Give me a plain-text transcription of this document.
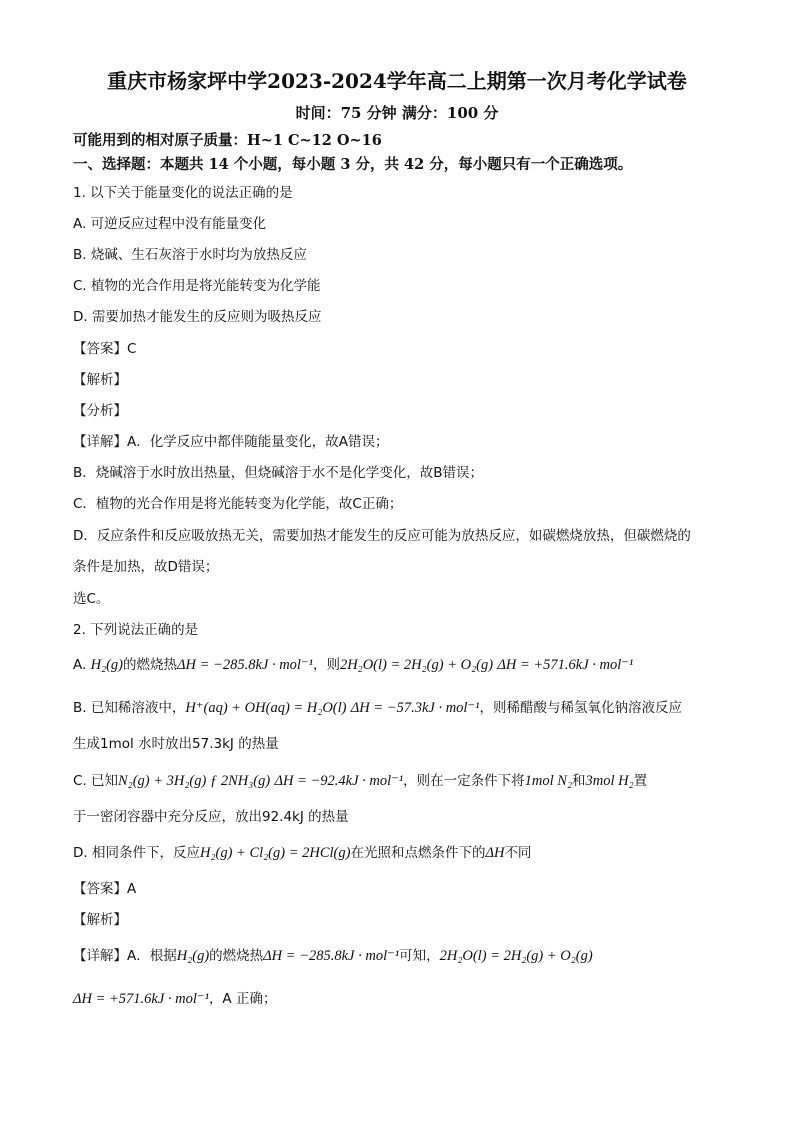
重庆市杨家坪中学2023-2024学年高二上期第一次月考化学试卷
时间：75 分钟 满分：100 分
可能用到的相对原子质量：H~1 C~12 O~16
一、选择题：本题共 14 个小题，每小题 3 分，共 42 分，每小题只有一个正确选项。
1. 以下关于能量变化的说法正确的是
A. 可逆反应过程中没有能量变化
B. 烧碱、生石灰溶于水时均为放热反应
C. 植物的光合作用是将光能转变为化学能
D. 需要加热才能发生的反应则为吸热反应
【答案】C
【解析】
【分析】
【详解】A．化学反应中都伴随能量变化，故A错误；
B．烧碱溶于水时放出热量，但烧碱溶于水不是化学变化，故B错误；
C．植物的光合作用是将光能转变为化学能，故C正确；
D．反应条件和反应吸放热无关，需要加热才能发生的反应可能为放热反应，如碳燃烧放热，但碳燃烧的
条件是加热，故D错误；
选C。
2. 下列说法正确的是
A. H₂(g)的燃烧热ΔH = −285.8kJ · mol⁻¹，则2H₂O(l) = 2H₂(g) + O₂(g) ΔH = +571.6kJ · mol⁻¹
B. 已知稀溶液中，H⁺(aq) + OH(aq) = H₂O(l) ΔH = −57.3kJ · mol⁻¹，则稀醋酸与稀氢氧化钠溶液反应
生成1mol 水时放出57.3kJ 的热量
C. 已知N₂(g) + 3H₂(g) ƒ 2NH₃(g) ΔH = −92.4kJ · mol⁻¹，则在一定条件下将1mol N₂和3mol H₂置
于一密闭容器中充分反应，放出92.4kJ 的热量
D. 相同条件下，反应H₂(g) + Cl₂(g) = 2HCl(g)在光照和点燃条件下的ΔH不同
【答案】A
【解析】
【详解】A．根据H₂(g)的燃烧热ΔH = −285.8kJ · mol⁻¹可知，2H₂O(l) = 2H₂(g) + O₂(g)
ΔH = +571.6kJ · mol⁻¹，A 正确；
